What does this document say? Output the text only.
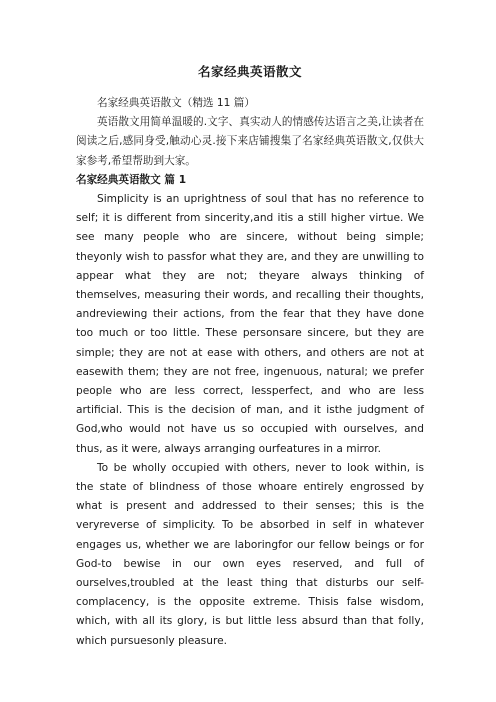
名家经典英语散文

名家经典英语散文（精选 11 篇）

英语散文用简单温暖的.文字、真实动人的情感传达语言之美,让读者在阅读之后,感同身受,触动心灵.接下来店铺搜集了名家经典英语散文,仅供大家参考,希望帮助到大家。

名家经典英语散文 篇 1

Simplicity is an uprightness of soul that has no reference to self; it is different from sincerity,and itis a still higher virtue. We see many people who are sincere, without being simple; theyonly wish to passfor what they are, and they are unwilling to appear what they are not; theyare always thinking of themselves, measuring their words, and recalling their thoughts, andreviewing their actions, from the fear that they have done too much or too little. These personsare sincere, but they are simple; they are not at ease with others, and others are not at easewith them; they are not free, ingenuous, natural; we prefer people who are less correct, lessperfect, and who are less artificial. This is the decision of man, and it isthe judgment of God,who would not have us so occupied with ourselves, and thus, as it were, always arranging ourfeatures in a mirror.

To be wholly occupied with others, never to look within, is the state of blindness of those whoare entirely engrossed by what is present and addressed to their senses; this is the veryreverse of simplicity. To be absorbed in self in whatever engages us, whether we are laboringfor our fellow beings or for God-to bewise in our own eyes reserved, and full of ourselves,troubled at the least thing that disturbs our self-complacency, is the opposite extreme. Thisis false wisdom, which, with all its glory, is but little less absurd than that folly, which pursuesonly pleasure.
